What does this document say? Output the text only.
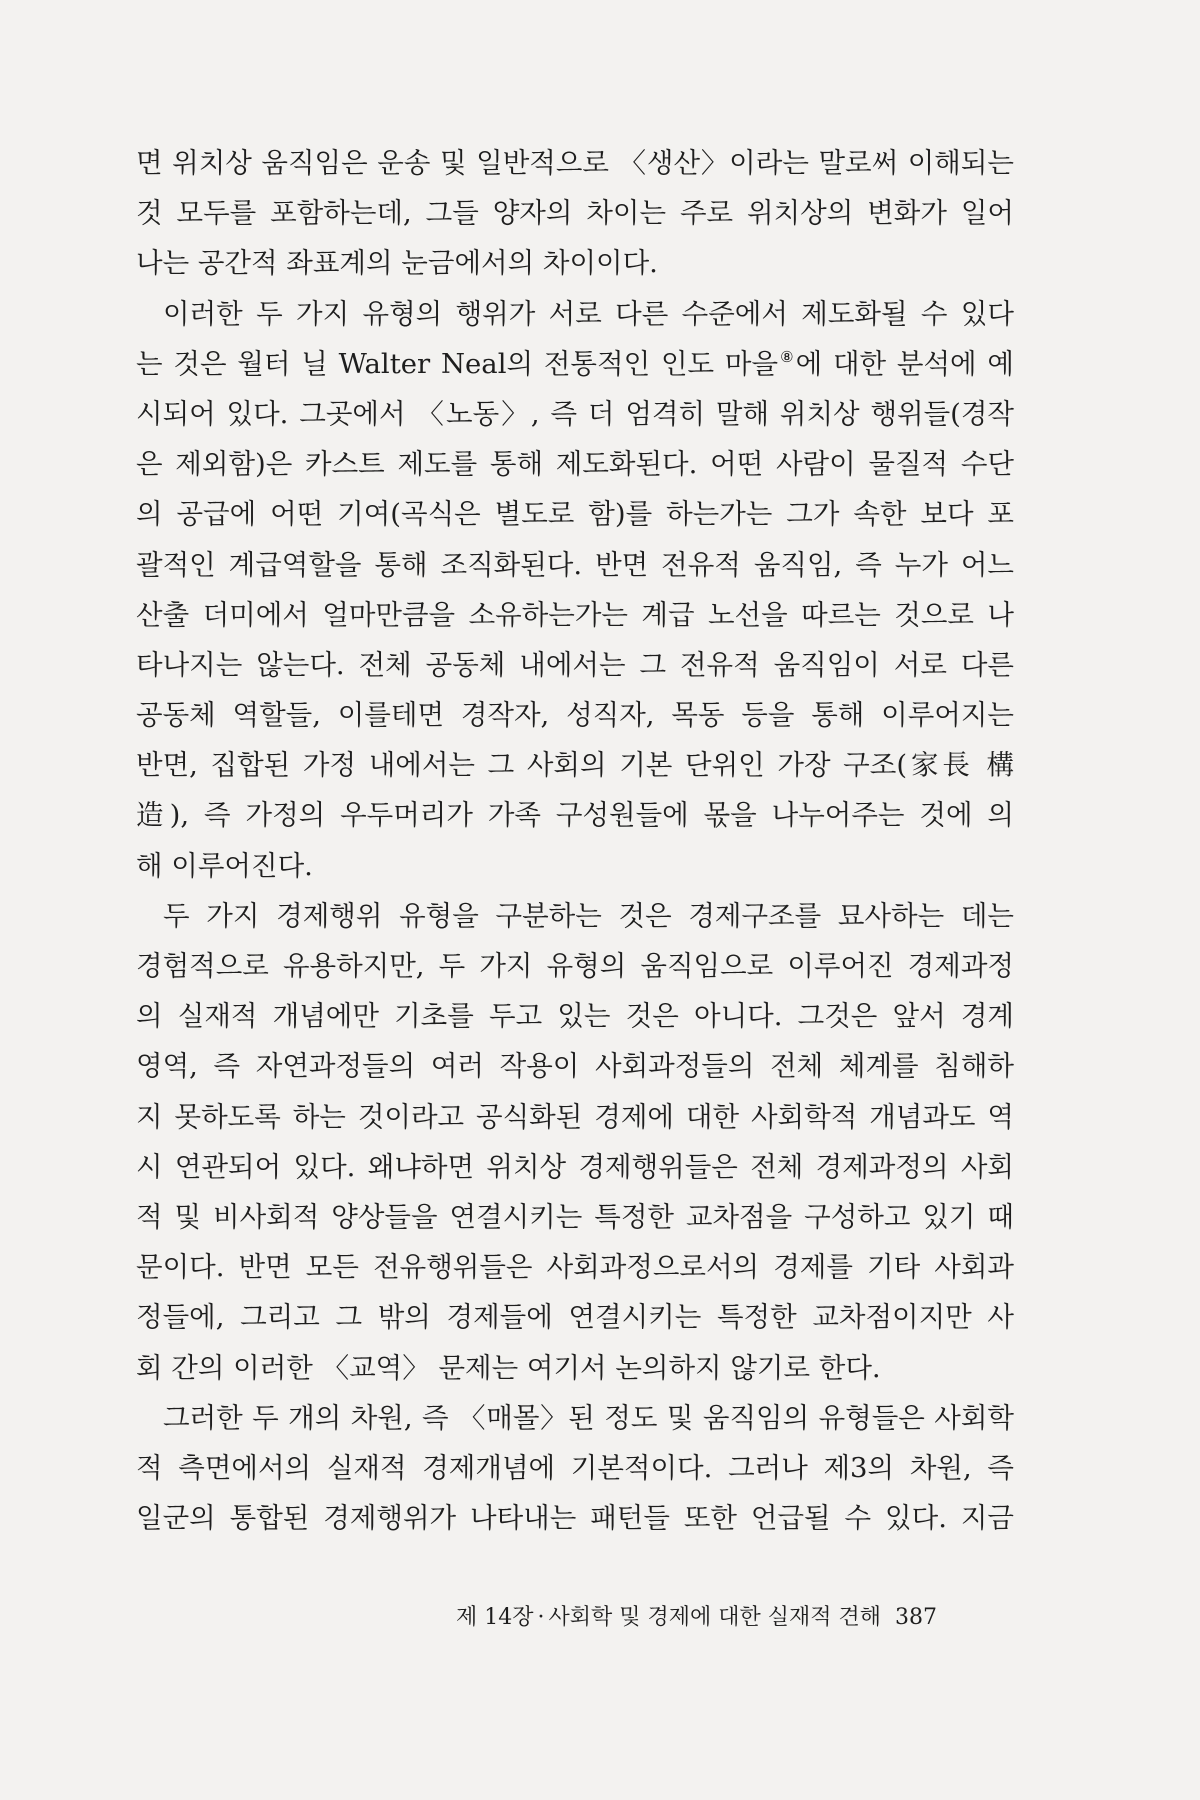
면 위치상 움직임은 운송 및 일반적으로 〈생산〉이라는 말로써 이해되는
것 모두를 포함하는데, 그들 양자의 차이는 주로 위치상의 변화가 일어
나는 공간적 좌표계의 눈금에서의 차이이다.
이러한 두 가지 유형의 행위가 서로 다른 수준에서 제도화될 수 있다
는 것은 월터 닐 Walter Neal의 전통적인 인도 마을⑧에 대한 분석에 예
시되어 있다. 그곳에서 〈노동〉, 즉 더 엄격히 말해 위치상 행위들(경작
은 제외함)은 카스트 제도를 통해 제도화된다. 어떤 사람이 물질적 수단
의 공급에 어떤 기여(곡식은 별도로 함)를 하는가는 그가 속한 보다 포
괄적인 계급역할을 통해 조직화된다. 반면 전유적 움직임, 즉 누가 어느
산출 더미에서 얼마만큼을 소유하는가는 계급 노선을 따르는 것으로 나
타나지는 않는다. 전체 공동체 내에서는 그 전유적 움직임이 서로 다른
공동체 역할들, 이를테면 경작자, 성직자, 목동 등을 통해 이루어지는
반면, 집합된 가정 내에서는 그 사회의 기본 단위인 가장 구조(家長 構
造), 즉 가정의 우두머리가 가족 구성원들에 몫을 나누어주는 것에 의
해 이루어진다.
두 가지 경제행위 유형을 구분하는 것은 경제구조를 묘사하는 데는
경험적으로 유용하지만, 두 가지 유형의 움직임으로 이루어진 경제과정
의 실재적 개념에만 기초를 두고 있는 것은 아니다. 그것은 앞서 경계
영역, 즉 자연과정들의 여러 작용이 사회과정들의 전체 체계를 침해하
지 못하도록 하는 것이라고 공식화된 경제에 대한 사회학적 개념과도 역
시 연관되어 있다. 왜냐하면 위치상 경제행위들은 전체 경제과정의 사회
적 및 비사회적 양상들을 연결시키는 특정한 교차점을 구성하고 있기 때
문이다. 반면 모든 전유행위들은 사회과정으로서의 경제를 기타 사회과
정들에, 그리고 그 밖의 경제들에 연결시키는 특정한 교차점이지만 사
회 간의 이러한 〈교역〉 문제는 여기서 논의하지 않기로 한다.
그러한 두 개의 차원, 즉 〈매몰〉된 정도 및 움직임의 유형들은 사회학
적 측면에서의 실재적 경제개념에 기본적이다. 그러나 제3의 차원, 즉
일군의 통합된 경제행위가 나타내는 패턴들 또한 언급될 수 있다. 지금
제 14장 · 사회학 및 경제에 대한 실재적 견해 387
